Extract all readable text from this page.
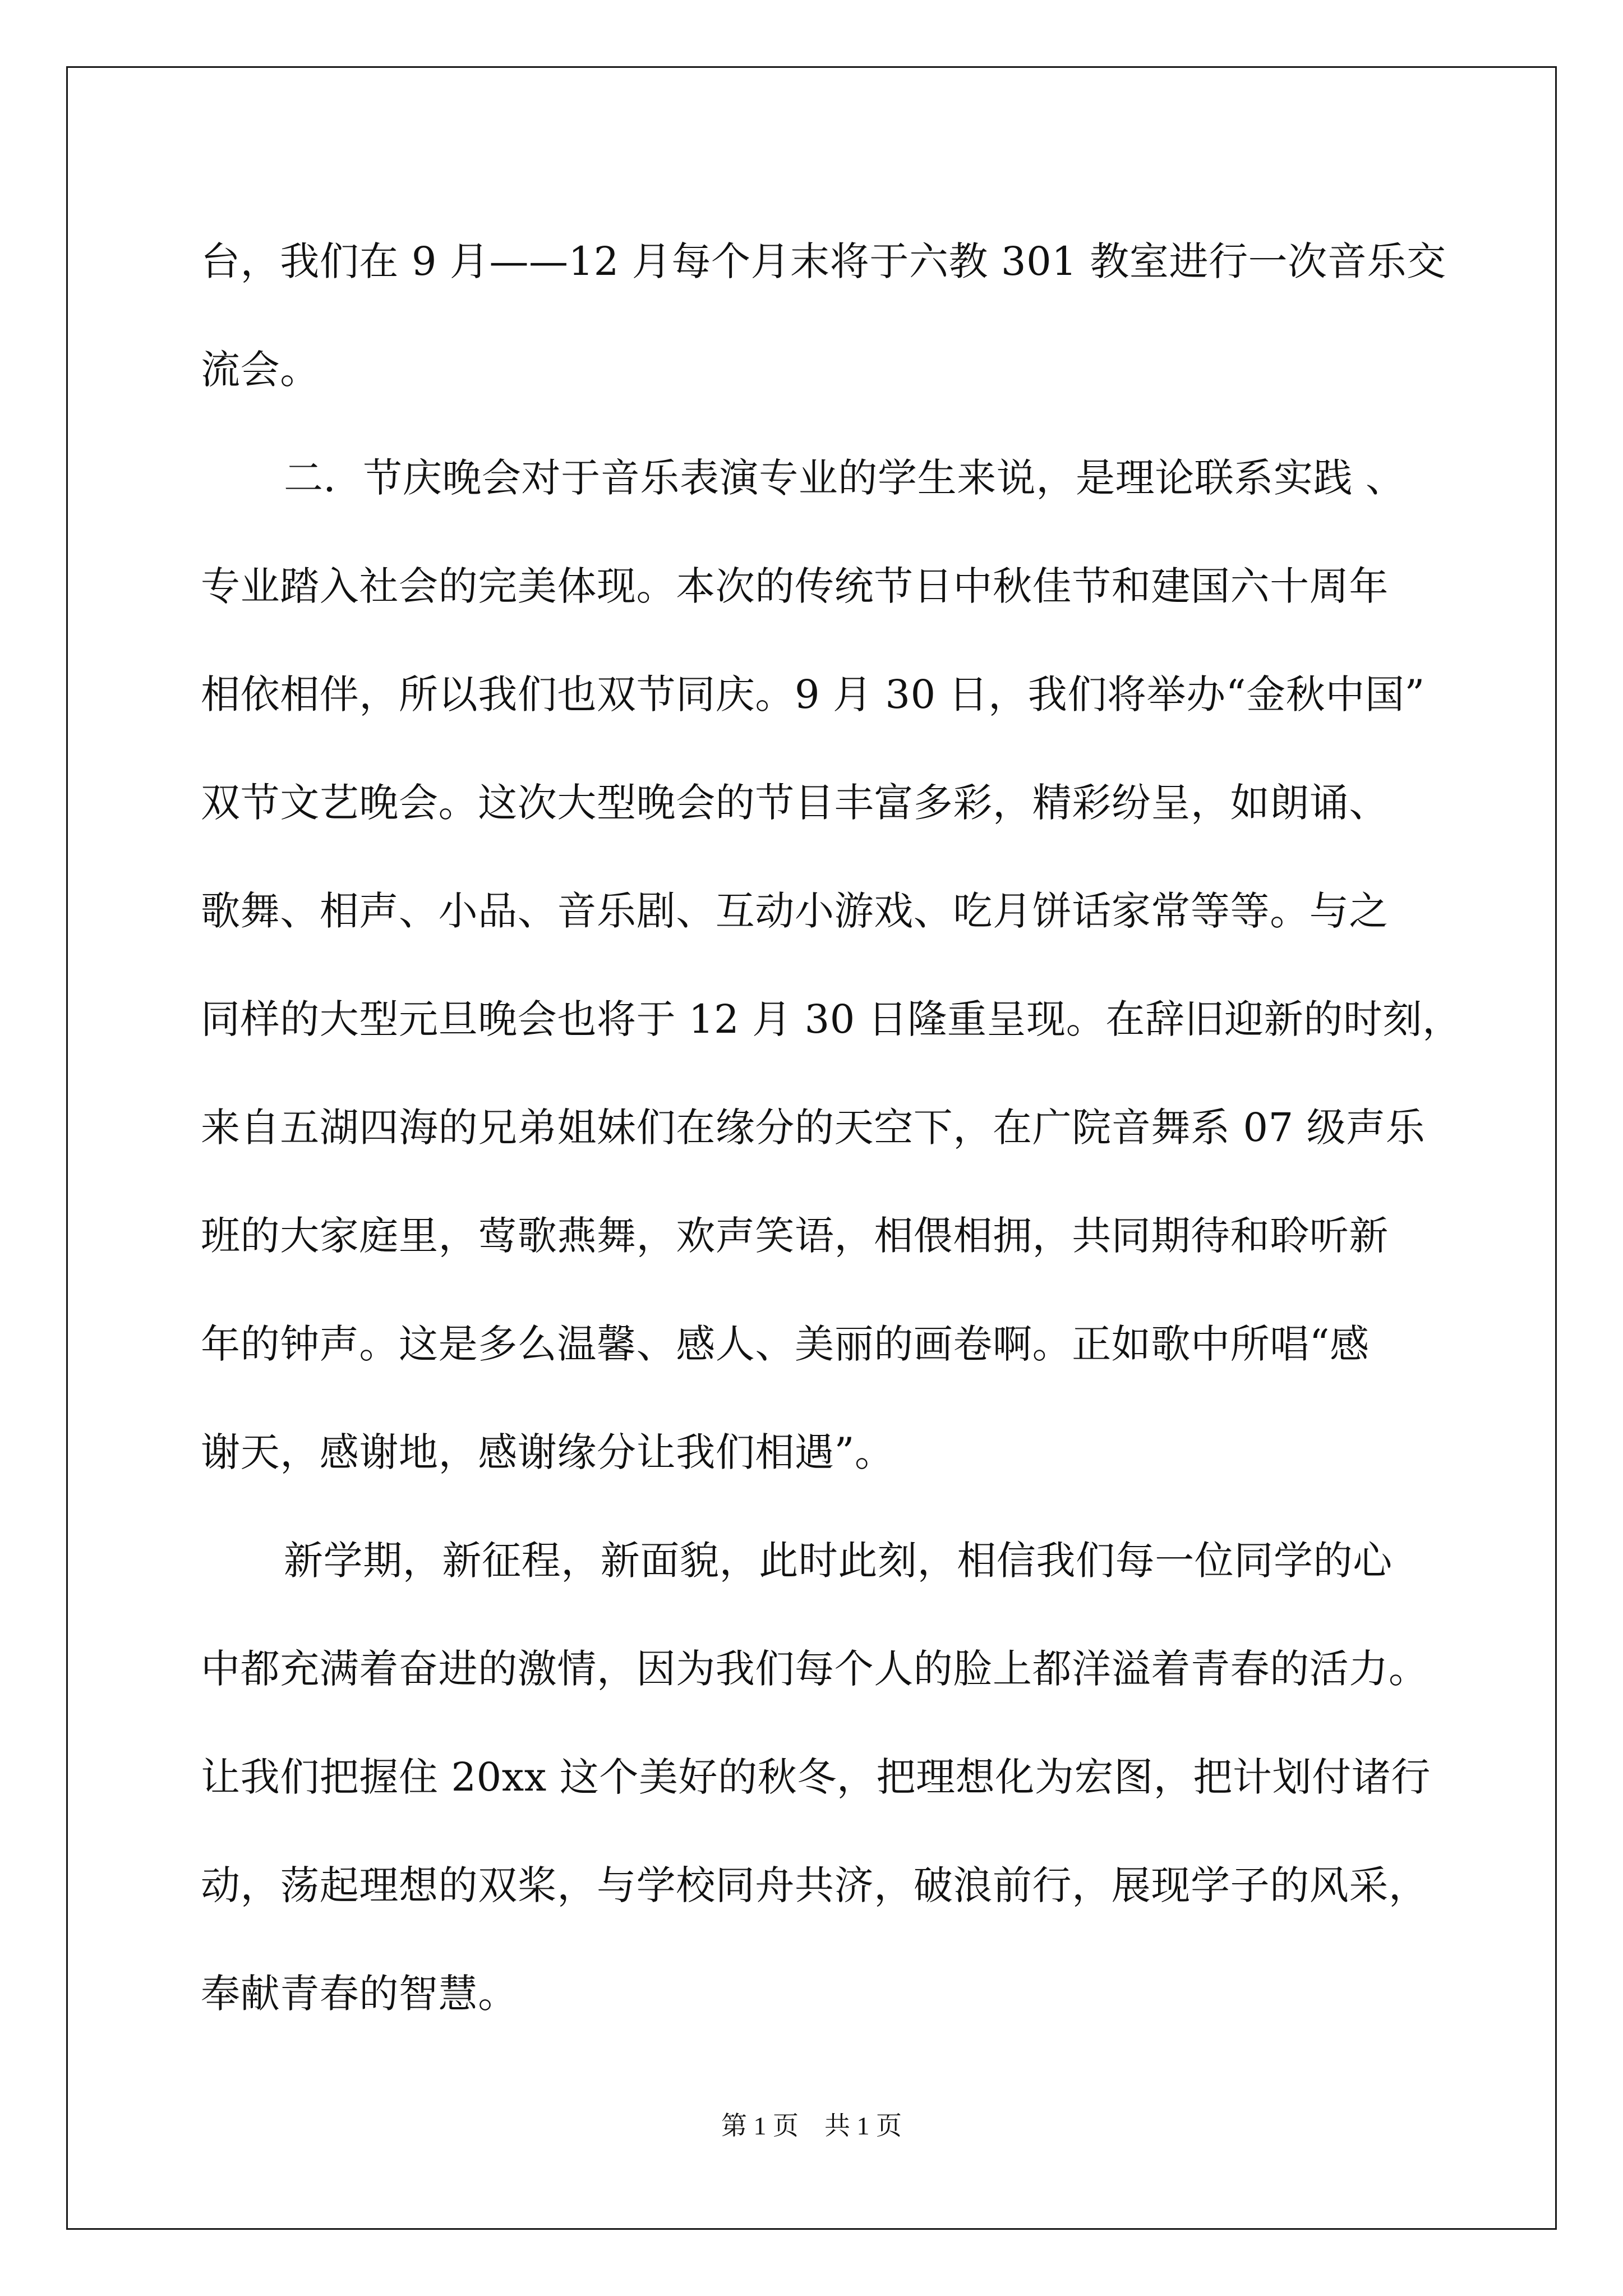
台，我们在 9 月——12 月每个月末将于六教 301 教室进行一次音乐交
流会。
二．节庆晚会对于音乐表演专业的学生来说，是理论联系实践 、
专业踏入社会的完美体现。本次的传统节日中秋佳节和建国六十周年
相依相伴，所以我们也双节同庆。9 月 30 日，我们将举办“金秋中国”
双节文艺晚会。这次大型晚会的节目丰富多彩，精彩纷呈，如朗诵、
歌舞、相声、小品、音乐剧、互动小游戏、吃月饼话家常等等。与之
同样的大型元旦晚会也将于 12 月 30 日隆重呈现。在辞旧迎新的时刻，
来自五湖四海的兄弟姐妹们在缘分的天空下，在广院音舞系 07 级声乐
班的大家庭里，莺歌燕舞，欢声笑语，相偎相拥，共同期待和聆听新
年的钟声。这是多么温馨、感人、美丽的画卷啊。正如歌中所唱“感
谢天，感谢地，感谢缘分让我们相遇”。
新学期，新征程，新面貌，此时此刻，相信我们每一位同学的心
中都充满着奋进的激情，因为我们每个人的脸上都洋溢着青春的活力。
让我们把握住 20xx 这个美好的秋冬，把理想化为宏图，把计划付诸行
动，荡起理想的双桨，与学校同舟共济，破浪前行，展现学子的风采，
奉献青春的智慧。
第 1 页　共 1 页
